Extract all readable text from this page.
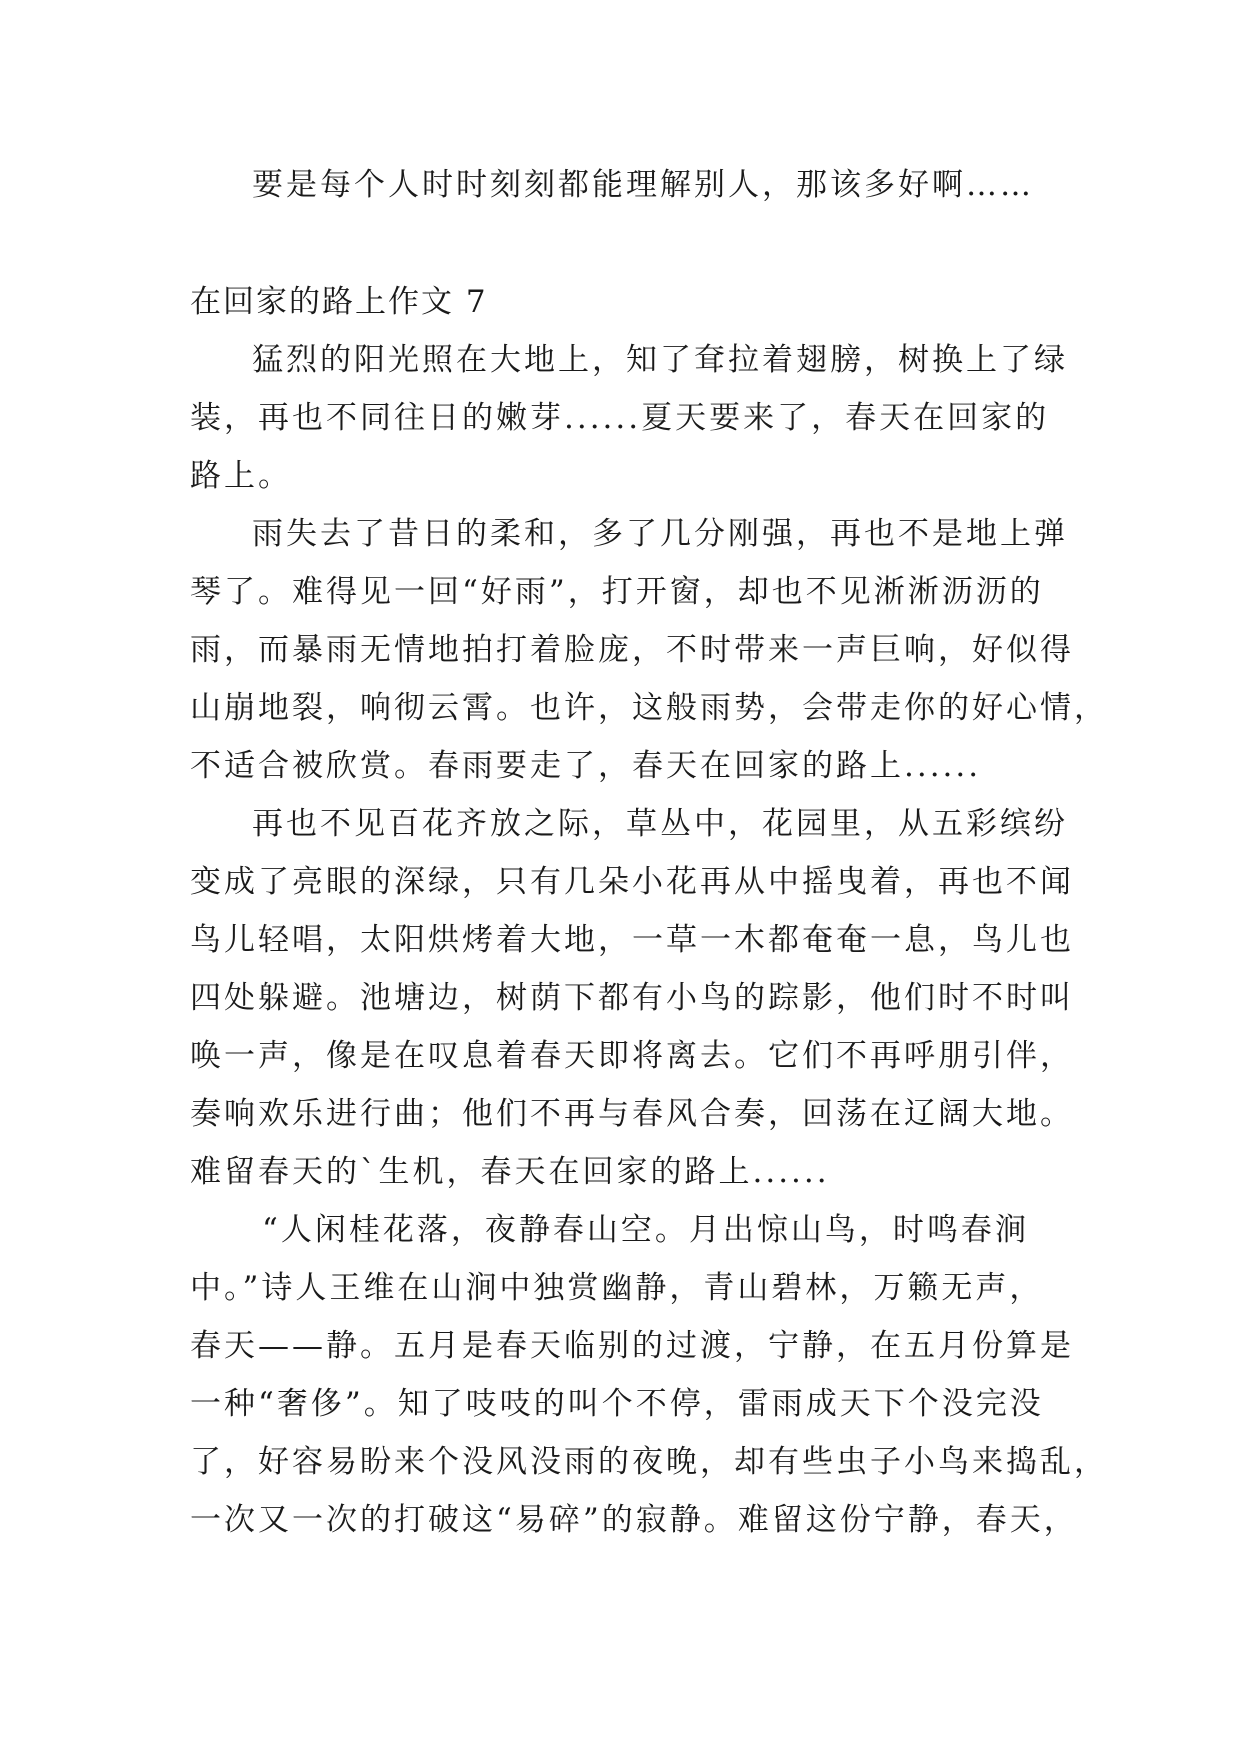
要是每个人时时刻刻都能理解别人，那该多好啊……
在回家的路上作文 7
猛烈的阳光照在大地上，知了耷拉着翅膀，树换上了绿
装，再也不同往日的嫩芽......夏天要来了，春天在回家的
路上。
雨失去了昔日的柔和，多了几分刚强，再也不是地上弹
琴了。难得见一回“好雨”，打开窗，却也不见淅淅沥沥的
雨，而暴雨无情地拍打着脸庞，不时带来一声巨响，好似得
山崩地裂，响彻云霄。也许，这般雨势，会带走你的好心情，
不适合被欣赏。春雨要走了，春天在回家的路上......
再也不见百花齐放之际，草丛中，花园里，从五彩缤纷
变成了亮眼的深绿，只有几朵小花再从中摇曳着，再也不闻
鸟儿轻唱，太阳烘烤着大地，一草一木都奄奄一息，鸟儿也
四处躲避。池塘边，树荫下都有小鸟的踪影，他们时不时叫
唤一声，像是在叹息着春天即将离去。它们不再呼朋引伴，
奏响欢乐进行曲；他们不再与春风合奏，回荡在辽阔大地。
难留春天的`生机，春天在回家的路上......
“人闲桂花落，夜静春山空。月出惊山鸟，时鸣春涧
中。”诗人王维在山涧中独赏幽静，青山碧林，万籁无声，
春天——静。五月是春天临别的过渡，宁静，在五月份算是
一种“奢侈”。知了吱吱的叫个不停，雷雨成天下个没完没
了，好容易盼来个没风没雨的夜晚，却有些虫子小鸟来捣乱，
一次又一次的打破这“易碎”的寂静。难留这份宁静，春天，
